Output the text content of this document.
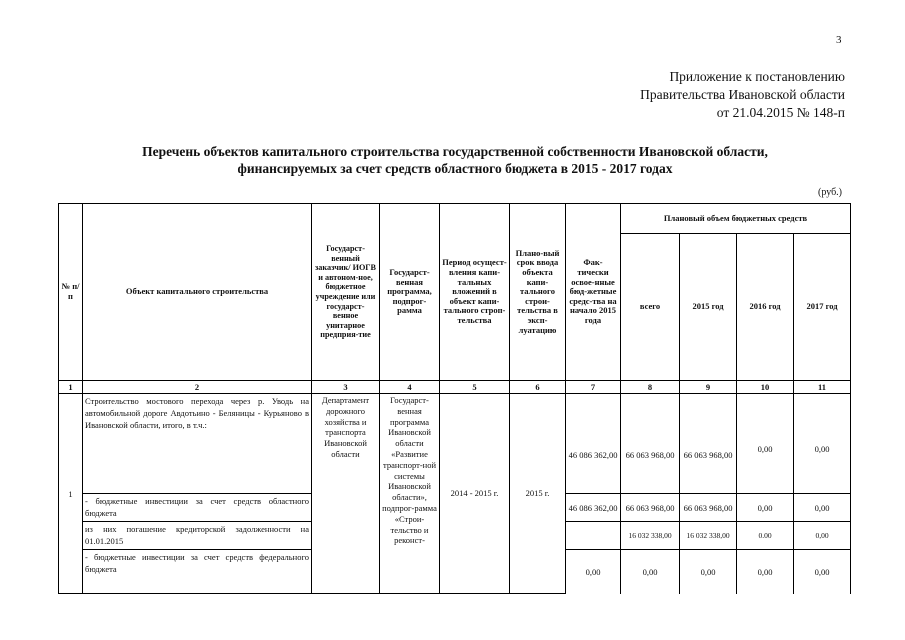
3
Приложение к постановлению
Правительства Ивановской области
от 21.04.2015 № 148-п
Перечень объектов капитального строительства государственной собственности Ивановской области,
финансируемых за счет средств областного бюджета в 2015 - 2017 годах
(руб.)
№ п/п	Объект капитального строительства	Государст-венный заказчик/ ИОГВ и автоном-ное, бюджетное учреждение или государст-венное унитарное предприя-тие	Государст-венная программа, подпрог-рамма	Период осущест-вления капи-тальных вложений в объект капи-тального строп-тельства	Плано-вый срок ввода объекта капи-тального строи-тельства в эксп-луатацию	Фак-тически освое-нные бюд-жетные средс-тва на начало 2015 года	Плановый объем бюджетных средств			
							всего	2015 год	2016 год	2017 год
1	2	3	4	5	6	7	8	9	10	11
1	Строительство мостового перехода через р. Уводь на автомобильной дороге Авдотьино - Беляницы - Курьяново в Ивановской области, итого, в т.ч.:	Департамент дорожного хозяйства и транспорта Ивановской области	Государст-венная программа Ивановской области «Развитие транспорт-ной системы Ивановской области», подпрог-рамма «Строи-тельство и реконст-	2014 - 2015 г.	2015 г.	46 086 362,00	66 063 968,00	66 063 968,00	0,00	0,00
	- бюджетные инвестиции за счет средств областного бюджета					46 086 362,00	66 063 968,00	66 063 968,00	0,00	0,00
	из них погашение кредиторской задолженности на 01.01.2015						16 032 338,00	16 032 338,00	0.00	0,00
	- бюджетные инвестиции за счет средств федерального бюджета					0,00	0,00	0,00	0,00	0,00
